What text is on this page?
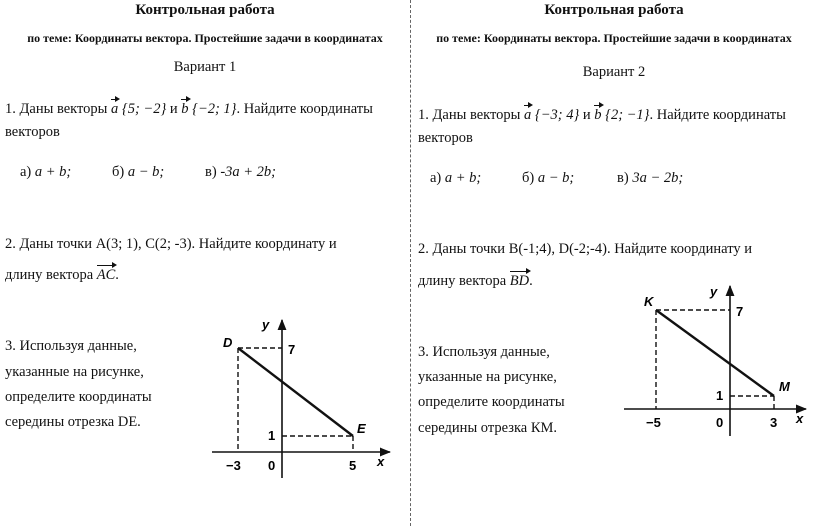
Контрольная работа
по теме: Координаты вектора. Простейшие задачи в координатах
Вариант 1
1. Даны векторы a {5; −2} и b {−2; 1}. Найдите координаты
векторов
а) a + b;	б) a − b;	в) -3a + 2b;
2. Даны точки А(3; 1), С(2; -3). Найдите координату и
длину вектора AC.
3. Используя данные,
указанные на рисунке,
определите координаты
середины отрезка DE.
D
E
y
x
7
1
−3 0	5
Контрольная работа
по теме: Координаты вектора. Простейшие задачи в координатах
Вариант 2
1. Даны векторы a {−3; 4} и b {2; −1}. Найдите координаты
векторов
а) a + b;	б) a − b;	в) 3a − 2b;
2. Даны точки В(-1;4), D(-2;-4). Найдите координату и
длину вектора BD.
3. Используя данные,
указанные на рисунке,
определите координаты
середины отрезка КМ.
K
M
y
x
7
1
−5	0	3
